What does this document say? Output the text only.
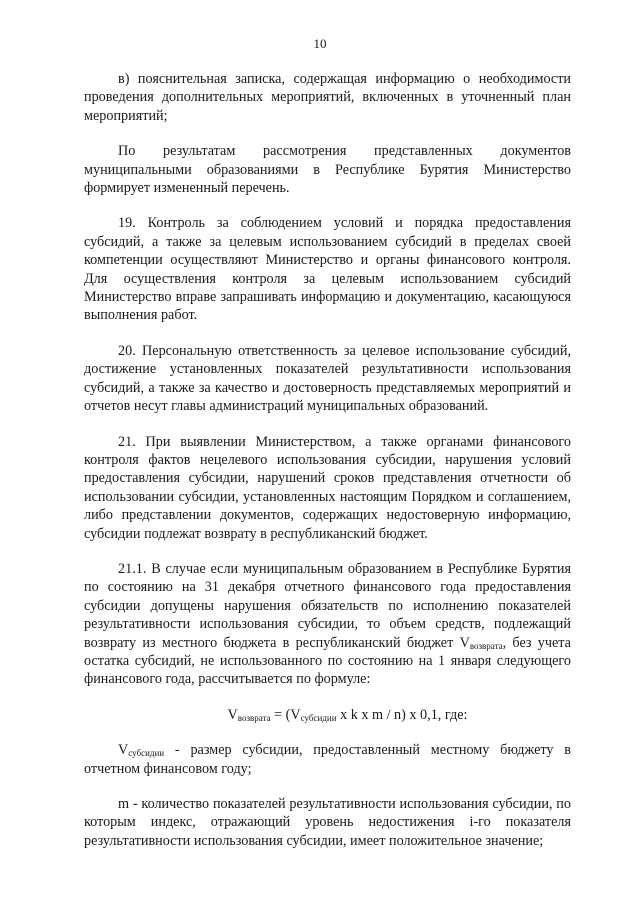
10

в) пояснительная записка, содержащая информацию о необходимости проведения дополнительных мероприятий, включенных в уточненный план мероприятий;

По результатам рассмотрения представленных документов муниципальными образованиями в Республике Бурятия Министерство формирует измененный перечень.

19. Контроль за соблюдением условий и порядка предоставления субсидий, а также за целевым использованием субсидий в пределах своей компетенции осуществляют Министерство и органы финансового контроля. Для осуществления контроля за целевым использованием субсидий Министерство вправе запрашивать информацию и документацию, касающуюся выполнения работ.

20. Персональную ответственность за целевое использование субсидий, достижение установленных показателей результативности использования субсидий, а также за качество и достоверность представляемых мероприятий и отчетов несут главы администраций муниципальных образований.

21. При выявлении Министерством, а также органами финансового контроля фактов нецелевого использования субсидии, нарушения условий предоставления субсидии, нарушений сроков представления отчетности об использовании субсидии, установленных настоящим Порядком и соглашением, либо представлении документов, содержащих недостоверную информацию, субсидии подлежат возврату в республиканский бюджет.

21.1. В случае если муниципальным образованием в Республике Бурятия по состоянию на 31 декабря отчетного финансового года предоставления субсидии допущены нарушения обязательств по исполнению показателей результативности использования субсидии, то объем средств, подлежащий возврату из местного бюджета в республиканский бюджет $V_{возврата}$, без учета остатка субсидий, не использованного по состоянию на 1 января следующего финансового года, рассчитывается по формуле:

$V_{возврата} = (V_{субсидии}$ x k x m / n) x 0,1, где:

$V_{субсидии}$ - размер субсидии, предоставленный местному бюджету в отчетном финансовом году;

m - количество показателей результативности использования субсидии, по которым индекс, отражающий уровень недостижения i-го показателя результативности использования субсидии, имеет положительное значение;
